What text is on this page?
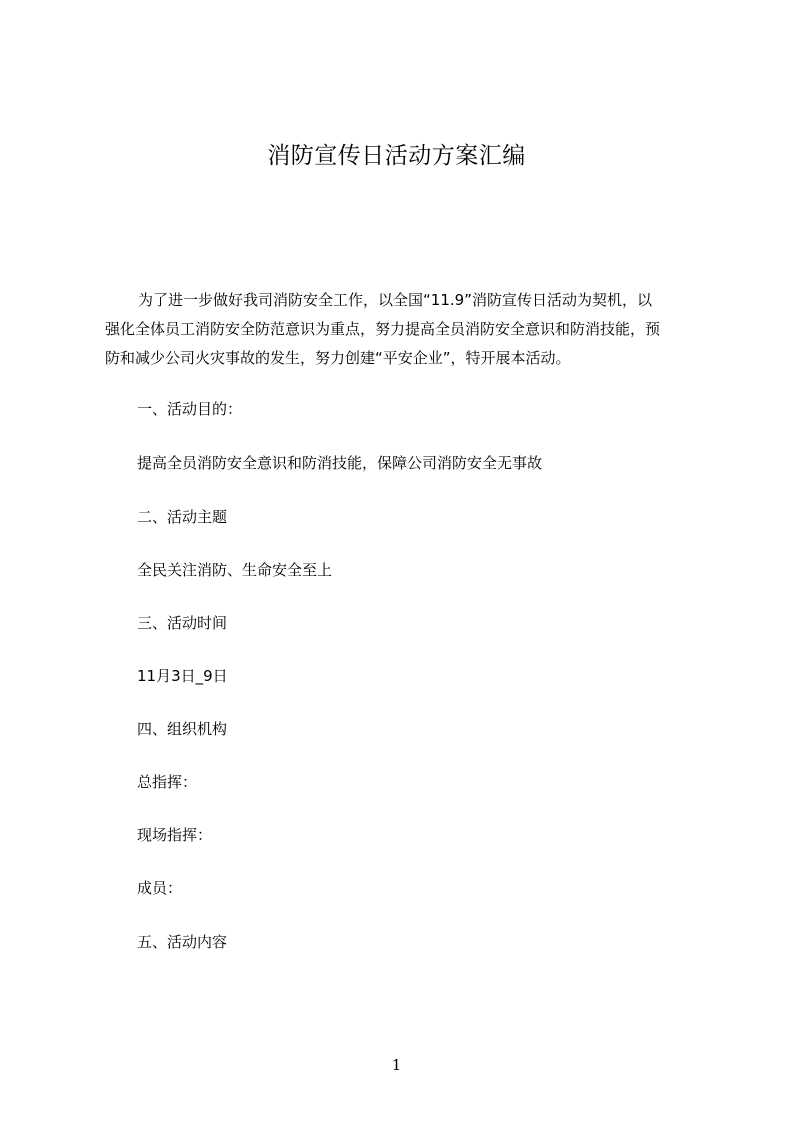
消防宣传日活动方案汇编

为了进一步做好我司消防安全工作，以全国“11.9”消防宣传日活动为契机，以

强化全体员工消防安全防范意识为重点，努力提高全员消防安全意识和防消技能，预

防和减少公司火灾事故的发生，努力创建“平安企业”，特开展本活动。

一、活动目的：

提高全员消防安全意识和防消技能，保障公司消防安全无事故

二、活动主题

全民关注消防、生命安全至上

三、活动时间

11月3日_9日

四、组织机构

总指挥：

现场指挥：

成员：

五、活动内容

1
